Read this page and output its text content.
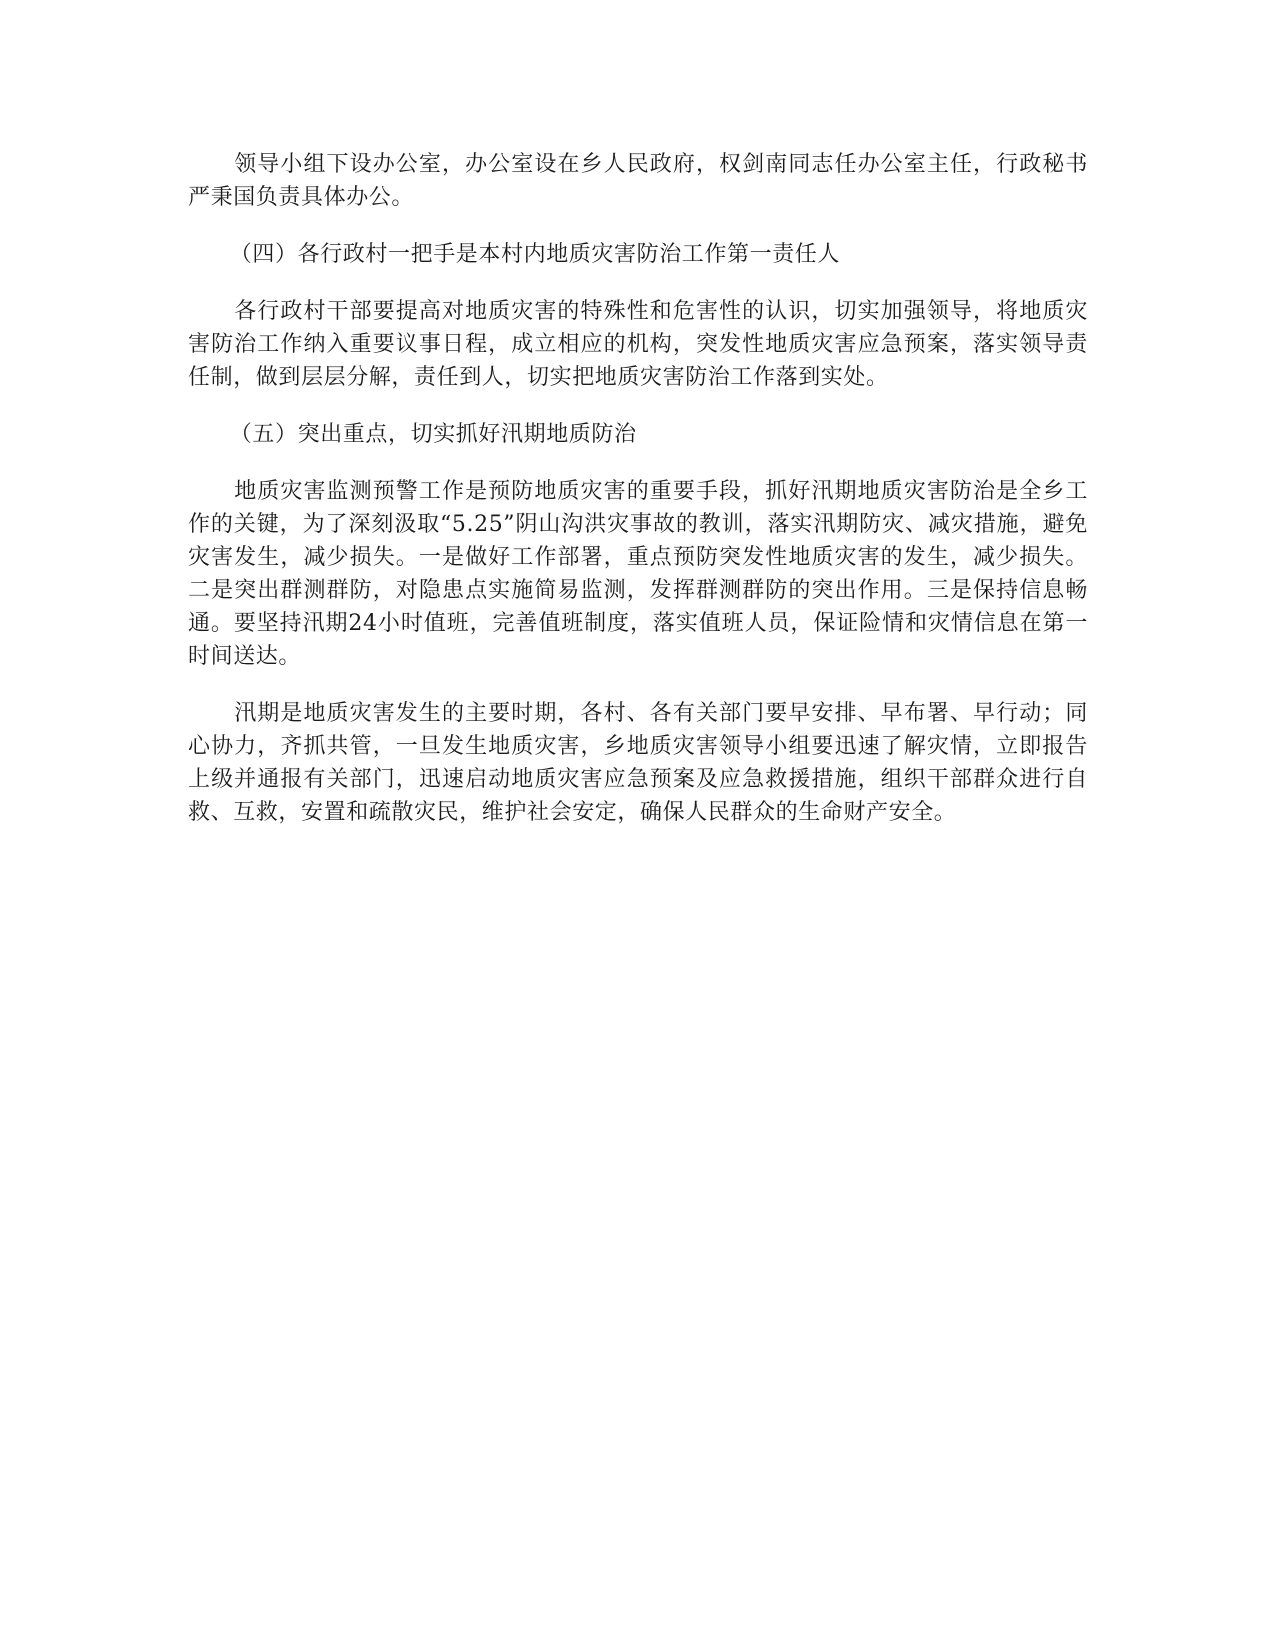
领导小组下设办公室，办公室设在乡人民政府，权剑南同志任办公室主任，行政秘书严秉国负责具体办公。

（四）各行政村一把手是本村内地质灾害防治工作第一责任人

各行政村干部要提高对地质灾害的特殊性和危害性的认识，切实加强领导，将地质灾害防治工作纳入重要议事日程，成立相应的机构，突发性地质灾害应急预案，落实领导责任制，做到层层分解，责任到人，切实把地质灾害防治工作落到实处。

（五）突出重点，切实抓好汛期地质防治

地质灾害监测预警工作是预防地质灾害的重要手段，抓好汛期地质灾害防治是全乡工作的关键，为了深刻汲取“5.25”阴山沟洪灾事故的教训，落实汛期防灾、减灾措施，避免灾害发生，减少损失。一是做好工作部署，重点预防突发性地质灾害的发生，减少损失。二是突出群测群防，对隐患点实施简易监测，发挥群测群防的突出作用。三是保持信息畅通。要坚持汛期24小时值班，完善值班制度，落实值班人员，保证险情和灾情信息在第一时间送达。

汛期是地质灾害发生的主要时期，各村、各有关部门要早安排、早布署、早行动；同心协力，齐抓共管，一旦发生地质灾害，乡地质灾害领导小组要迅速了解灾情，立即报告上级并通报有关部门，迅速启动地质灾害应急预案及应急救援措施，组织干部群众进行自救、互救，安置和疏散灾民，维护社会安定，确保人民群众的生命财产安全。
